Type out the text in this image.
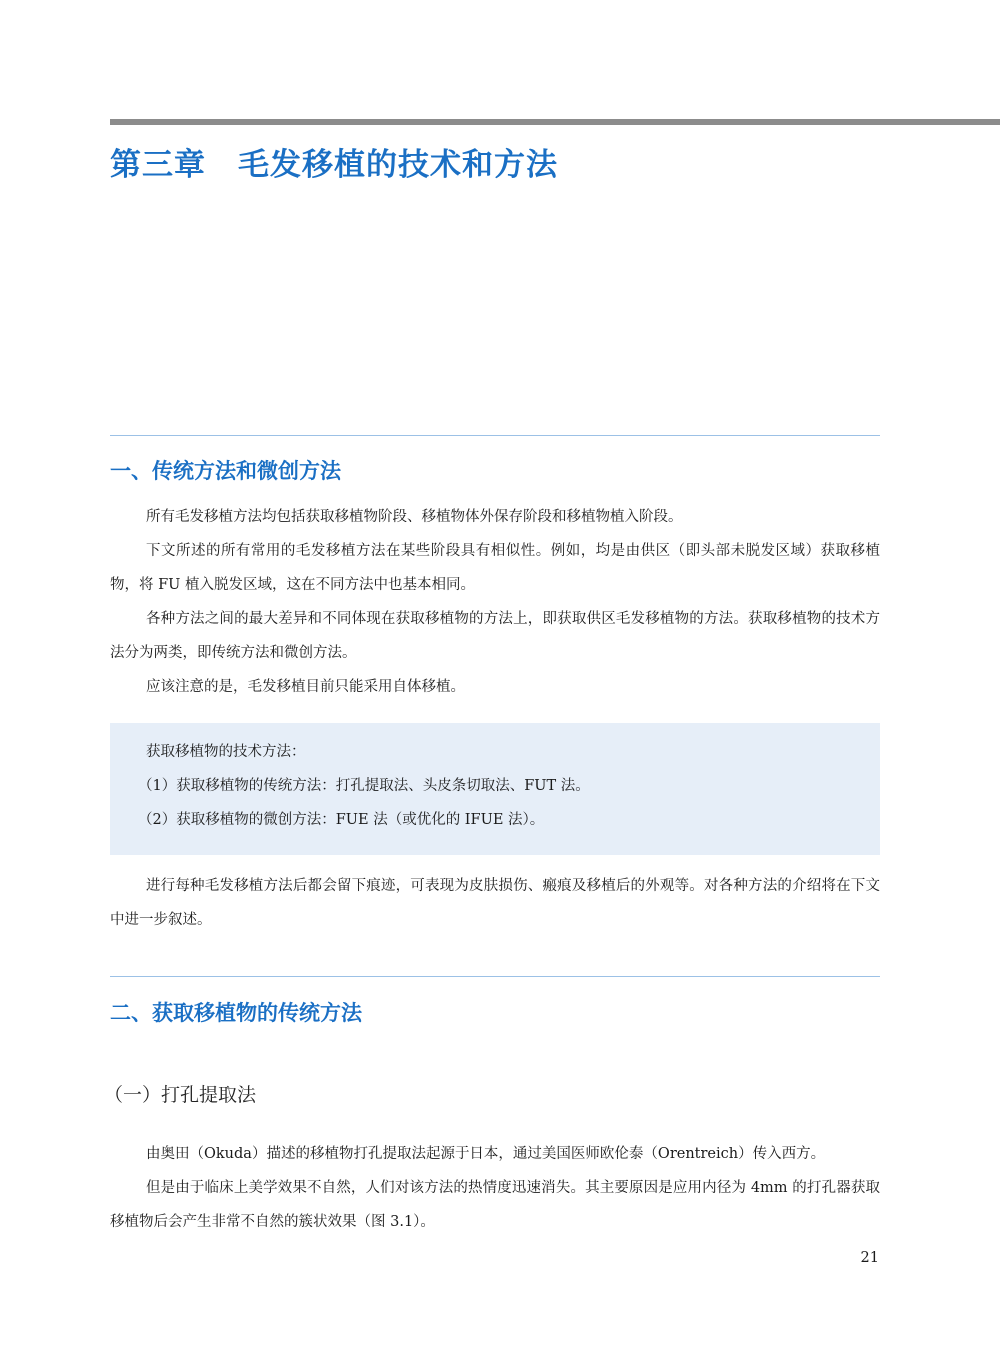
第三章　毛发移植的技术和方法
一、传统方法和微创方法

所有毛发移植方法均包括获取移植物阶段、移植物体外保存阶段和移植物植入阶段。

下文所述的所有常用的毛发移植方法在某些阶段具有相似性。例如，均是由供区（即头部未脱发区域）获取移植物，将 FU 植入脱发区域，这在不同方法中也基本相同。

各种方法之间的最大差异和不同体现在获取移植物的方法上，即获取供区毛发移植物的方法。获取移植物的技术方法分为两类，即传统方法和微创方法。

应该注意的是，毛发移植目前只能采用自体移植。

获取移植物的技术方法：

（1）获取移植物的传统方法：打孔提取法、头皮条切取法、FUT 法。

（2）获取移植物的微创方法：FUE 法（或优化的 IFUE 法）。

进行每种毛发移植方法后都会留下痕迹，可表现为皮肤损伤、瘢痕及移植后的外观等。对各种方法的介绍将在下文中进一步叙述。

二、获取移植物的传统方法
（一）打孔提取法

由奥田（Okuda）描述的移植物打孔提取法起源于日本，通过美国医师欧伦泰（Orentreich）传入西方。

但是由于临床上美学效果不自然，人们对该方法的热情度迅速消失。其主要原因是应用内径为 4mm 的打孔器获取移植物后会产生非常不自然的簇状效果（图 3.1）。

21
